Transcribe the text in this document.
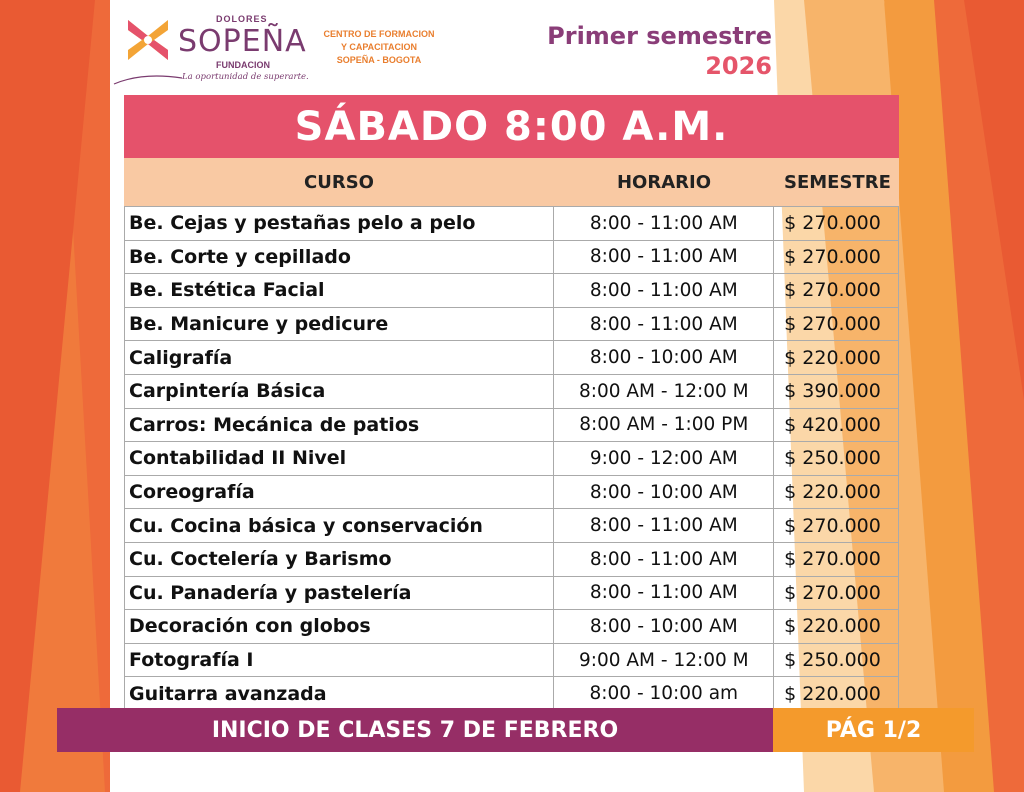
DOLORES
SOPEÑA
FUNDACION
La oportunidad de superarte.
CENTRO DE FORMACION
Y CAPACITACION
SOPEÑA - BOGOTA
Primer semestre
2026
SÁBADO 8:00 A.M.
CURSO	HORARIO	SEMESTRE
Be. Cejas y pestañas pelo a pelo	8:00 - 11:00 AM	$ 270.000
Be. Corte y cepillado	8:00 - 11:00 AM	$ 270.000
Be. Estética Facial	8:00 - 11:00 AM	$ 270.000
Be. Manicure y pedicure	8:00 - 11:00 AM	$ 270.000
Caligrafía	8:00 - 10:00 AM	$ 220.000
Carpintería Básica	8:00 AM - 12:00 M	$ 390.000
Carros: Mecánica de patios	8:00 AM - 1:00 PM	$ 420.000
Contabilidad II Nivel	9:00 - 12:00 AM	$ 250.000
Coreografía	8:00 - 10:00 AM	$ 220.000
Cu. Cocina básica y conservación	8:00 - 11:00 AM	$ 270.000
Cu. Coctelería y Barismo	8:00 - 11:00 AM	$ 270.000
Cu. Panadería y pastelería	8:00 - 11:00 AM	$ 270.000
Decoración con globos	8:00 - 10:00 AM	$ 220.000
Fotografía I	9:00 AM - 12:00 M	$ 250.000
Guitarra avanzada	8:00 - 10:00 am	$ 220.000
INICIO DE CLASES 7 DE FEBRERO	PÁG 1/2
